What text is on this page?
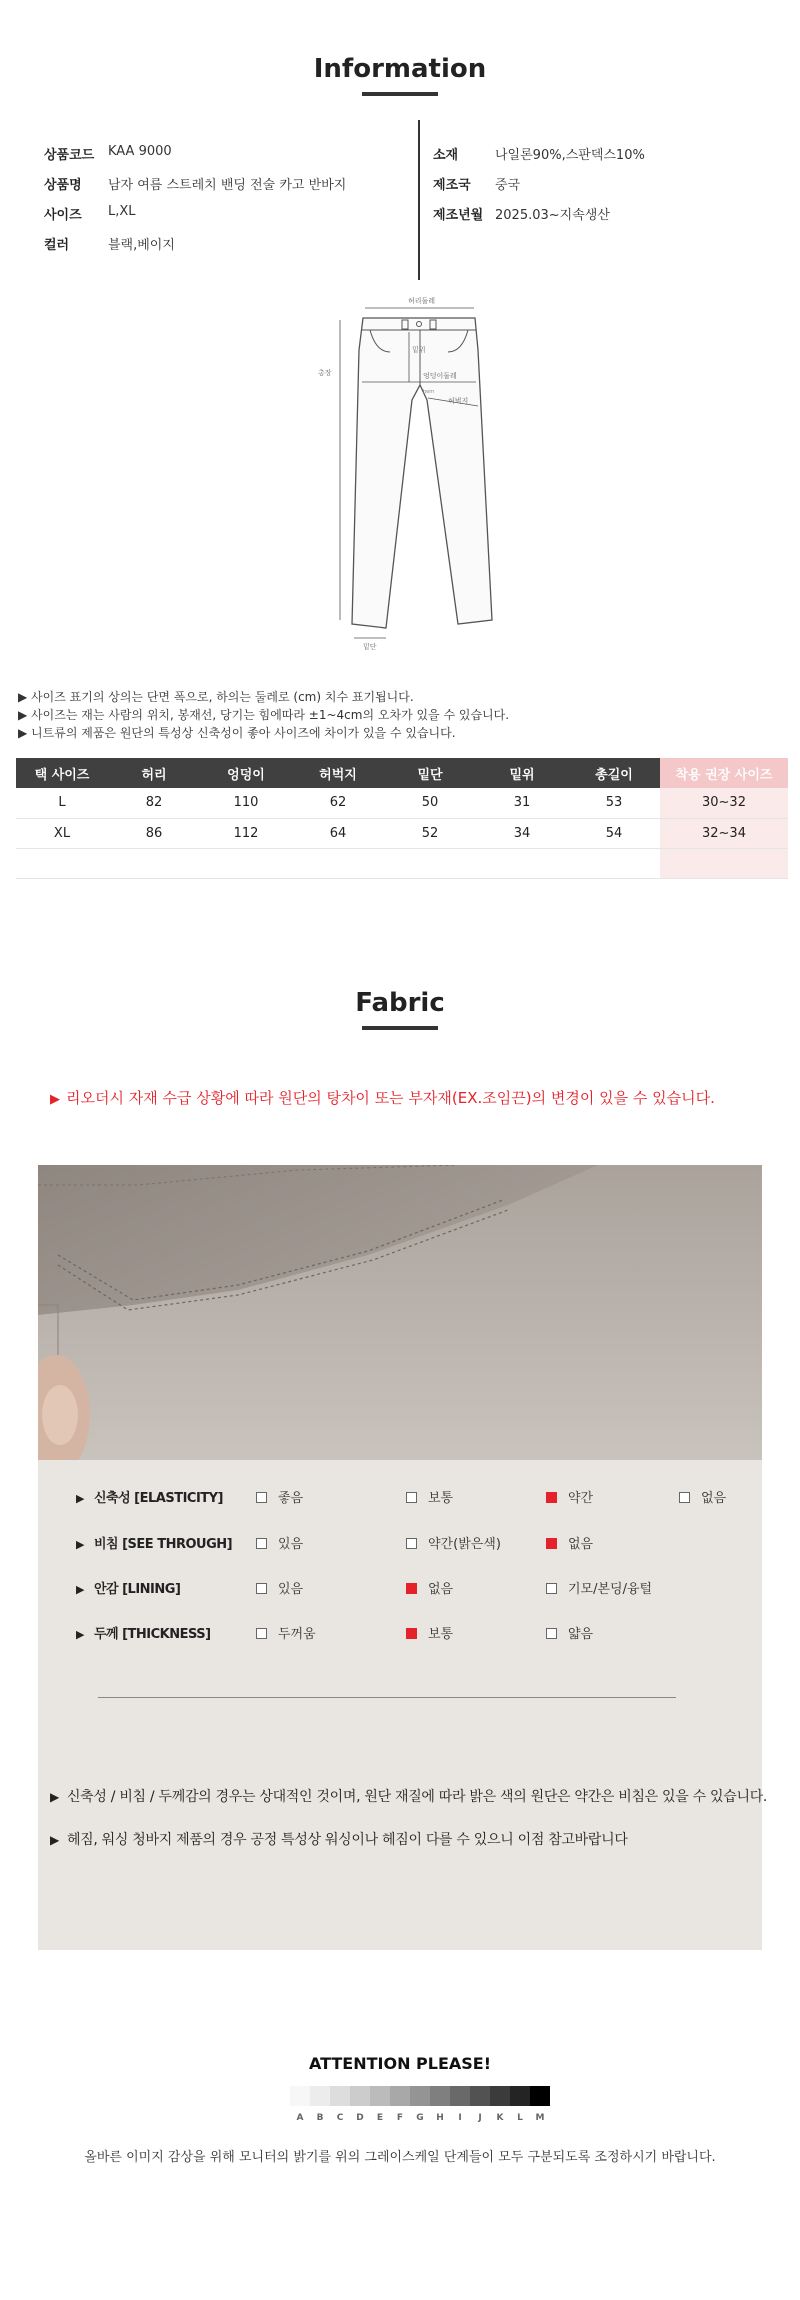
Information
상품코드 KAA 9000
상품명 남자 여름 스트레치 밴딩 전술 카고 반바지
사이즈 L,XL
컬러	블랙,베이지
소재	나일론90%,스판덱스10%
제조국 중국
제조년월 2025.03~지속생산
허리둘레
밑위
엉덩이둘레
hem
허벅지
총장
밑단
▶ 사이즈 표기의 상의는 단면 폭으로, 하의는 둘레로 (cm) 치수 표기됩니다.
▶ 사이즈는 재는 사람의 위치, 봉재선, 당기는 힘에따라 ±1~4cm의 오차가 있을 수 있습니다.
▶ 니트류의 제품은 원단의 특성상 신축성이 좋아 사이즈에 차이가 있을 수 있습니다.
택 사이즈	허리	엉덩이	허벅지	밑단	밑위	총길이	착용 권장 사이즈
L	82	110	62	50	31	53	30~32
XL	86	112	64	52	34	54	32~34

Fabric
▶ 리오더시 자재 수급 상황에 따라 원단의 탕차이 또는 부자재(EX.조임끈)의 변경이 있을 수 있습니다.
▶ 신축성 [ELASTICITY]	좋음	보통	약간	없음
▶ 비침 [SEE THROUGH]	있음	약간(밝은색)	없음
▶ 안감 [LINING]	있음	없음	기모/본딩/융털
▶ 두께 [THICKNESS]	두꺼움	보통	얇음
▶ 신축성 / 비침 / 두께감의 경우는 상대적인 것이며, 원단 재질에 따라 밝은 색의 원단은 약간은 비침은 있을 수 있습니다.
▶ 헤짐, 워싱 청바지 제품의 경우 공정 특성상 워싱이나 헤짐이 다를 수 있으니 이점 참고바랍니다
ATTENTION PLEASE!
A	B	C	D	E	F	G	H	I	J	K	L	M
올바른 이미지 감상을 위해 모니터의 밝기를 위의 그레이스케일 단계들이 모두 구분되도록 조정하시기 바랍니다.
